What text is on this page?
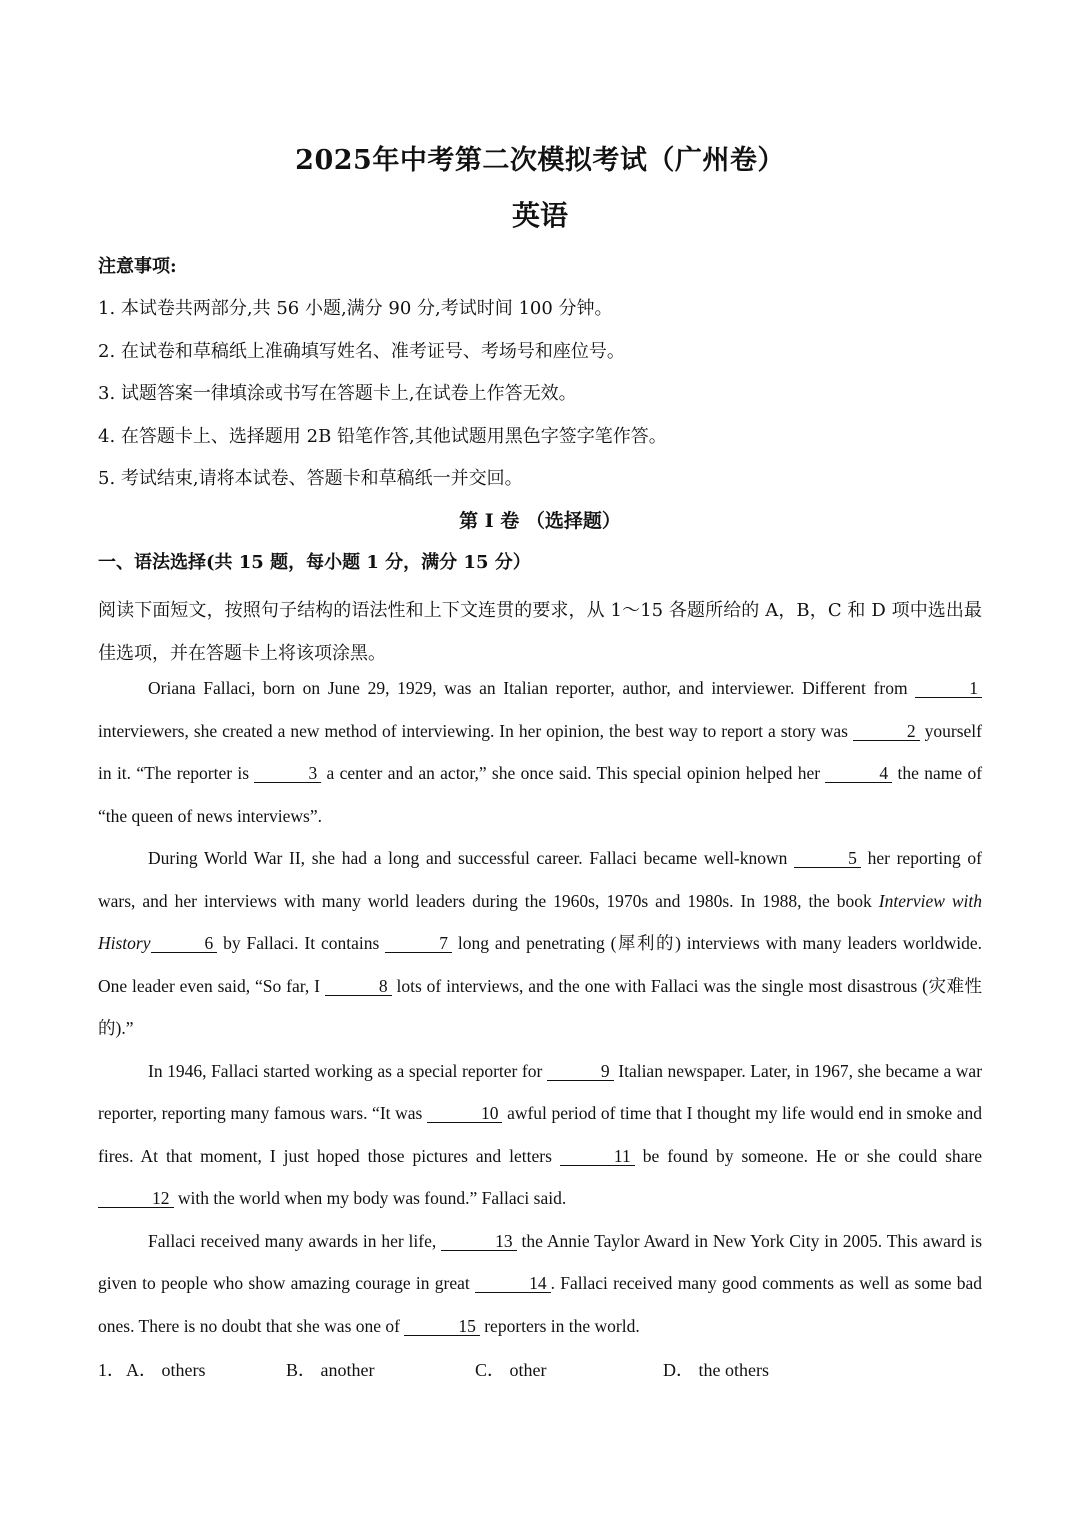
2025年中考第二次模拟考试（广州卷）
英语
注意事项:
1. 本试卷共两部分,共 56 小题,满分 90 分,考试时间 100 分钟。
2. 在试卷和草稿纸上准确填写姓名、准考证号、考场号和座位号。
3. 试题答案一律填涂或书写在答题卡上,在试卷上作答无效。
4. 在答题卡上、选择题用 2B 铅笔作答,其他试题用黑色字签字笔作答。
5. 考试结束,请将本试卷、答题卡和草稿纸一并交回。
第 I 卷 （选择题）
一、语法选择(共 15 题，每小题 1 分，满分 15 分）
阅读下面短文，按照句子结构的语法性和上下文连贯的要求，从 1～15 各题所给的 A，B，C 和 D 项中选出最佳选项，并在答题卡上将该项涂黑。

Oriana Fallaci, born on June 29, 1929, was an Italian reporter, author, and interviewer. Different from	1 interviewers, she created a new method of interviewing. In her opinion, the best way to report a story was	2 yourself in it. “The reporter is	3 a center and an actor,” she once said. This special opinion helped her	4 the name of “the queen of news interviews”.

During World War II, she had a long and successful career. Fallaci became well-known	5 her reporting of wars, and her interviews with many world leaders during the 1960s, 1970s and 1980s. In 1988, the book Interview with History	6 by Fallaci. It contains	7 long and penetrating (犀利的) interviews with many leaders worldwide. One leader even said, “So far, I	8 lots of interviews, and the one with Fallaci was the single most disastrous (灾难性的).”

In 1946, Fallaci started working as a special reporter for	9 Italian newspaper. Later, in 1967, she became a war reporter, reporting many famous wars. “It was	10 awful period of time that I thought my life would end in smoke and fires. At that moment, I just hoped those pictures and letters	11 be found by someone. He or she could share 12 with the world when my body was found.” Fallaci said.

Fallaci received many awards in her life,	13 the Annie Taylor Award in New York City in 2005. This award is given to people who show amazing courage in great	14 . Fallaci received many good comments as well as some bad ones. There is no doubt that she was one of	15 reporters in the world.

1． A． others	B． another	C． other	D． the others
